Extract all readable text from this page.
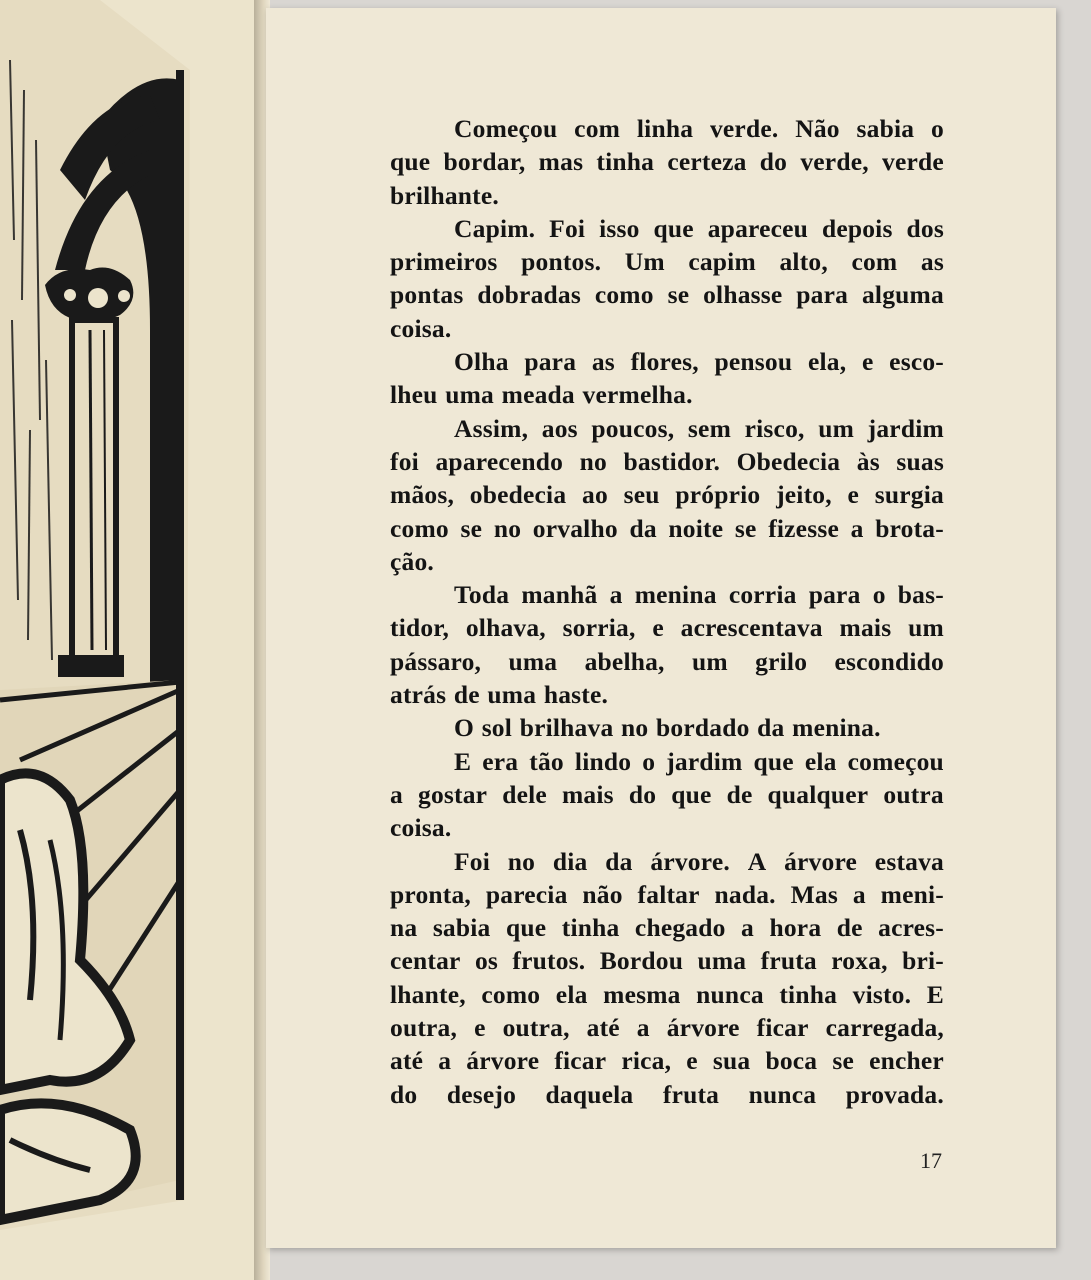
Começou com linha verde. Não sabia o
que bordar, mas tinha certeza do verde, verde
brilhante.
Capim. Foi isso que apareceu depois dos
primeiros pontos. Um capim alto, com as
pontas dobradas como se olhasse para alguma
coisa.
Olha para as flores, pensou ela, e esco-
lheu uma meada vermelha.
Assim, aos poucos, sem risco, um jardim
foi aparecendo no bastidor. Obedecia às suas
mãos, obedecia ao seu próprio jeito, e surgia
como se no orvalho da noite se fizesse a brota-
ção.
Toda manhã a menina corria para o bas-
tidor, olhava, sorria, e acrescentava mais um
pássaro, uma abelha, um grilo escondido
atrás de uma haste.
O sol brilhava no bordado da menina.
E era tão lindo o jardim que ela começou
a gostar dele mais do que de qualquer outra
coisa.
Foi no dia da árvore. A árvore estava
pronta, parecia não faltar nada. Mas a meni-
na sabia que tinha chegado a hora de acres-
centar os frutos. Bordou uma fruta roxa, bri-
lhante, como ela mesma nunca tinha visto. E
outra, e outra, até a árvore ficar carregada,
até a árvore ficar rica, e sua boca se encher
do desejo daquela fruta nunca provada.
17
